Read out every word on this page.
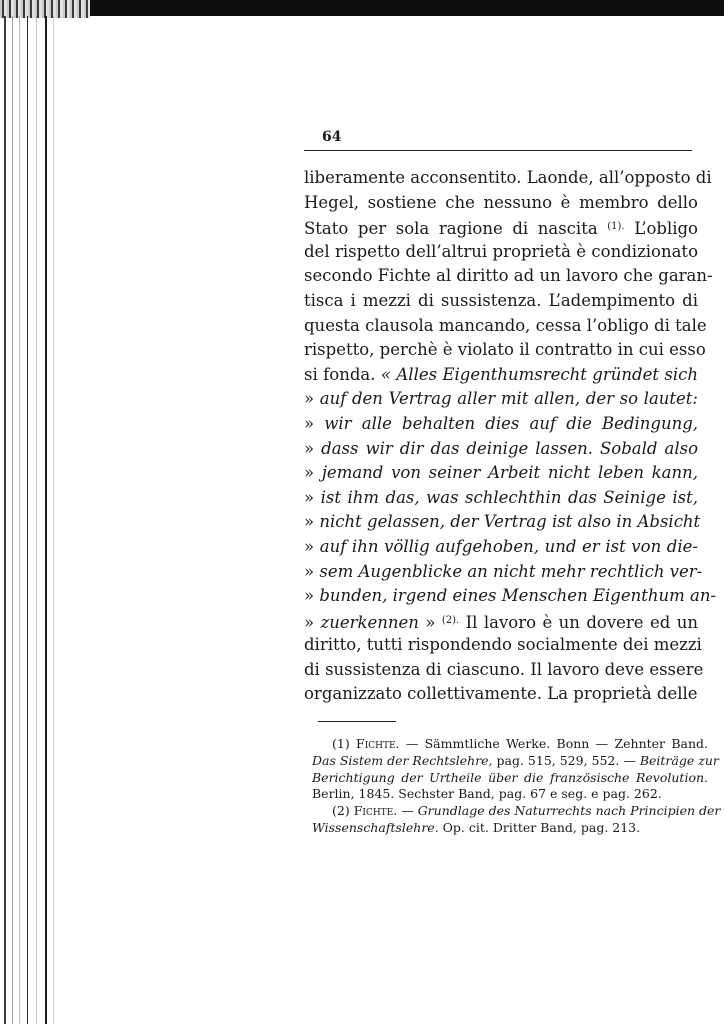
64
liberamente acconsentito. Laonde, all’opposto di
Hegel, sostiene che nessuno è membro dello
Stato per sola ragione di nascita $^{(1).}$ L’obligo
del rispetto dell’altrui proprietà è condizionato
secondo Fichte al diritto ad un lavoro che garan-
tisca i mezzi di sussistenza. L’adempimento di
questa clausola mancando, cessa l’obligo di tale
rispetto, perchè è violato il contratto in cui esso
si fonda. « Alles Eigenthumsrecht gründet sich
» auf den Vertrag aller mit allen, der so lautet:
» wir alle behalten dies auf die Bedingung,
» dass wir dir das deinige lassen. Sobald also
» jemand von seiner Arbeit nicht leben kann,
» ist ihm das, was schlechthin das Seinige ist,
» nicht gelassen, der Vertrag ist also in Absicht
» auf ihn völlig aufgehoben, und er ist von die-
» sem Augenblicke an nicht mehr rechtlich ver-
» bunden, irgend eines Menschen Eigenthum an-
» zuerkennen » $^{(2).}$ Il lavoro è un dovere ed un
diritto, tutti rispondendo socialmente dei mezzi
di sussistenza di ciascuno. Il lavoro deve essere
organizzato collettivamente. La proprietà delle
(1) Fichte. — Sämmtliche Werke. Bonn — Zehnter Band.
Das Sistem der Rechtslehre, pag. 515, 529, 552. — Beiträge zur
Berichtigung der Urtheile über die französische Revolution.
Berlin, 1845. Sechster Band, pag. 67 e seg. e pag. 262.
(2) Fichte. — Grundlage des Naturrechts nach Principien der
Wissenschaftslehre. Op. cit. Dritter Band, pag. 213.
